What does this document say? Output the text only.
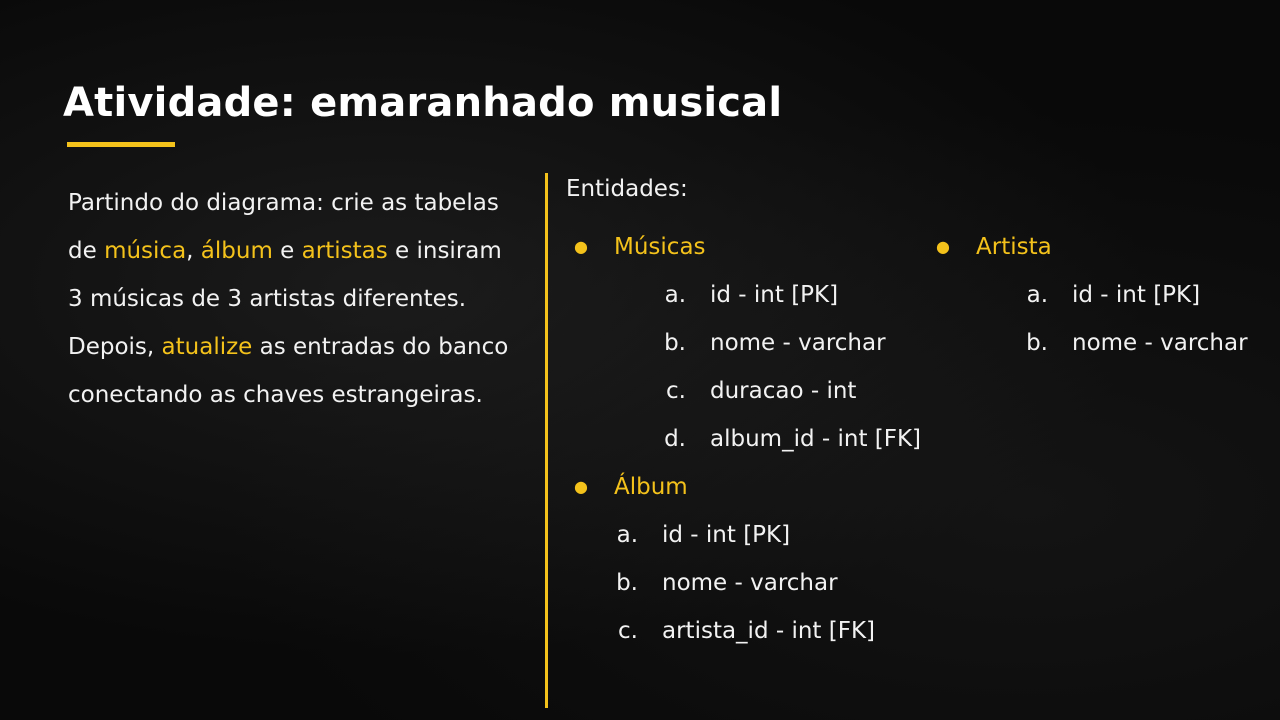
Atividade: emaranhado musical
Partindo do diagrama: crie as tabelas de música, álbum e artistas e insiram 3 músicas de 3 artistas diferentes. Depois, atualize as entradas do banco conectando as chaves estrangeiras.
Entidades:
● Músicas
a. id - int [PK]
b. nome - varchar
c. duracao - int
d. album_id - int [FK]
● Álbum
a. id - int [PK]
b. nome - varchar
c. artista_id - int [FK]
● Artista
a. id - int [PK]
b. nome - varchar
